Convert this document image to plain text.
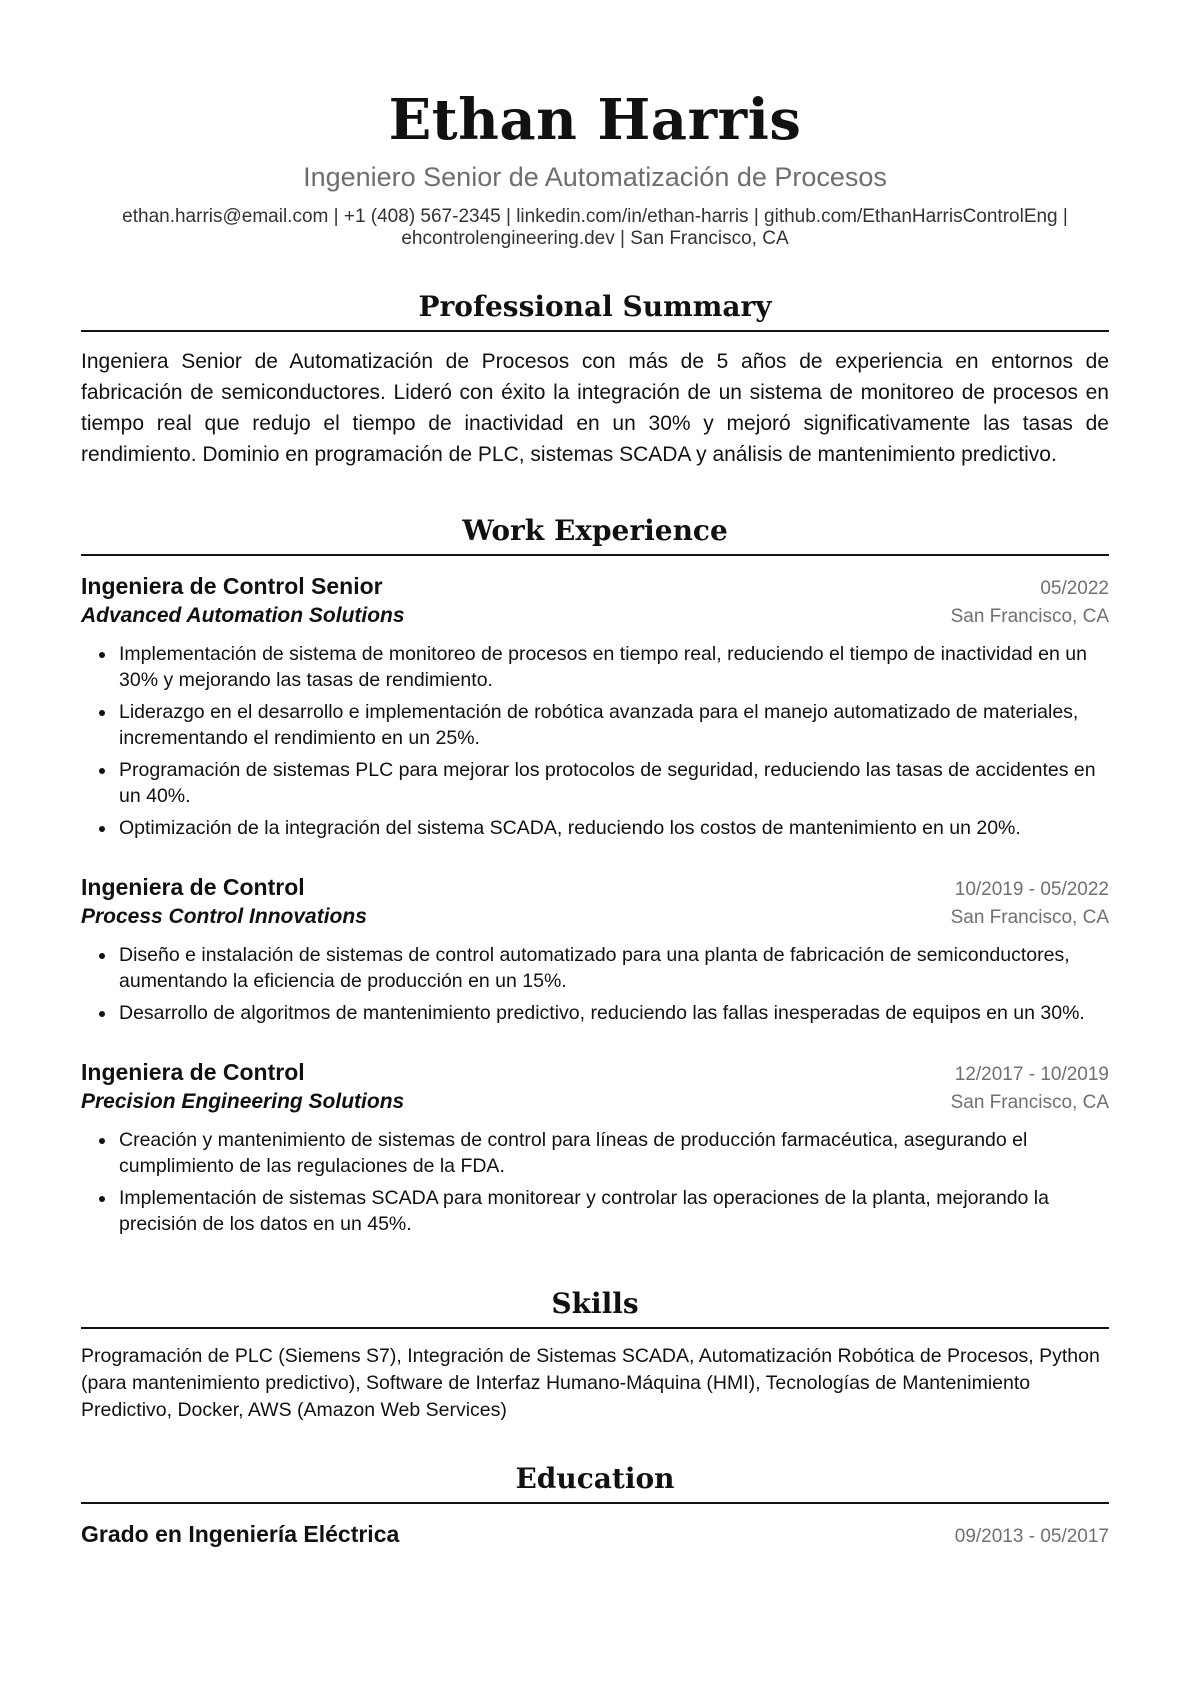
Ethan Harris
Ingeniero Senior de Automatización de Procesos
ethan.harris@email.com | +1 (408) 567-2345 | linkedin.com/in/ethan-harris | github.com/EthanHarrisControlEng |
ehcontrolengineering.dev | San Francisco, CA
Professional Summary

Ingeniera Senior de Automatización de Procesos con más de 5 años de experiencia en entornos de fabricación de semiconductores. Lideró con éxito la integración de un sistema de monitoreo de procesos en tiempo real que redujo el tiempo de inactividad en un 30% y mejoró significativamente las tasas de rendimiento. Dominio en programación de PLC, sistemas SCADA y análisis de mantenimiento predictivo.

Work Experience
Ingeniera de Control Senior	05/2022
Advanced Automation Solutions	San Francisco, CA
• Implementación de sistema de monitoreo de procesos en tiempo real, reduciendo el tiempo de inactividad en un 30% y mejorando las tasas de rendimiento.
• Liderazgo en el desarrollo e implementación de robótica avanzada para el manejo automatizado de materiales, incrementando el rendimiento en un 25%.
• Programación de sistemas PLC para mejorar los protocolos de seguridad, reduciendo las tasas de accidentes en un 40%.
• Optimización de la integración del sistema SCADA, reduciendo los costos de mantenimiento en un 20%.
Ingeniera de Control	10/2019 - 05/2022
Process Control Innovations	San Francisco, CA
• Diseño e instalación de sistemas de control automatizado para una planta de fabricación de semiconductores, aumentando la eficiencia de producción en un 15%.
• Desarrollo de algoritmos de mantenimiento predictivo, reduciendo las fallas inesperadas de equipos en un 30%.
Ingeniera de Control	12/2017 - 10/2019
Precision Engineering Solutions	San Francisco, CA
• Creación y mantenimiento de sistemas de control para líneas de producción farmacéutica, asegurando el cumplimiento de las regulaciones de la FDA.
• Implementación de sistemas SCADA para monitorear y controlar las operaciones de la planta, mejorando la precisión de los datos en un 45%.
Skills

Programación de PLC (Siemens S7), Integración de Sistemas SCADA, Automatización Robótica de Procesos, Python (para mantenimiento predictivo), Software de Interfaz Humano-Máquina (HMI), Tecnologías de Mantenimiento Predictivo, Docker, AWS (Amazon Web Services)

Education
Grado en Ingeniería Eléctrica	09/2013 - 05/2017
